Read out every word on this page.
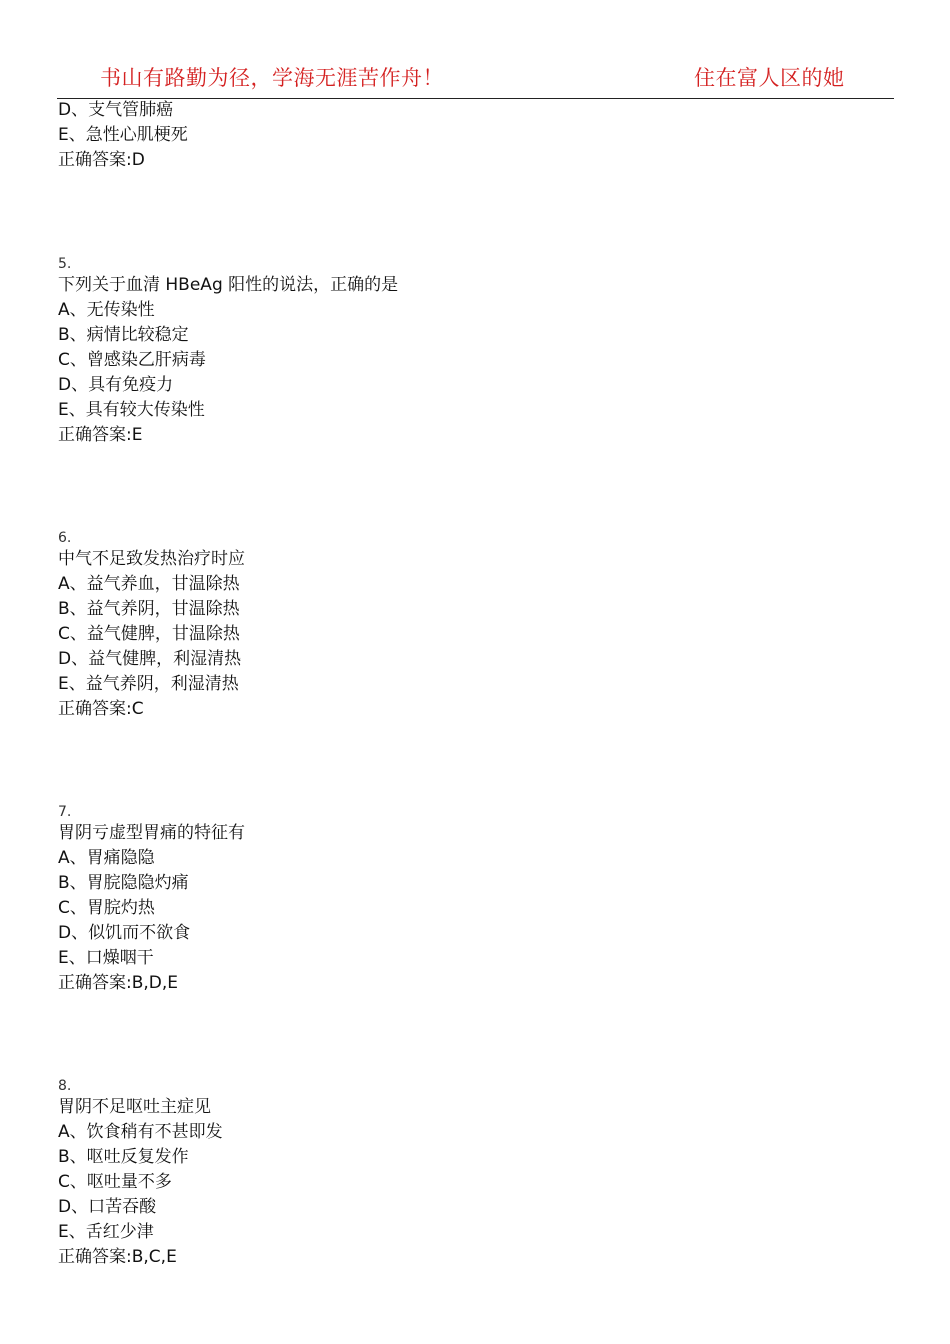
书山有路勤为径，学海无涯苦作舟！	住在富人区的她
D、支气管肺癌
E、急性心肌梗死
正确答案:D
5.
下列关于血清 HBeAg 阳性的说法，正确的是
A、无传染性
B、病情比较稳定
C、曾感染乙肝病毒
D、具有免疫力
E、具有较大传染性
正确答案:E
6.
中气不足致发热治疗时应
A、益气养血，甘温除热
B、益气养阴，甘温除热
C、益气健脾，甘温除热
D、益气健脾，利湿清热
E、益气养阴，利湿清热
正确答案:C
7.
胃阴亏虚型胃痛的特征有
A、胃痛隐隐
B、胃脘隐隐灼痛
C、胃脘灼热
D、似饥而不欲食
E、口燥咽干
正确答案:B,D,E
8.
胃阴不足呕吐主症见
A、饮食稍有不甚即发
B、呕吐反复发作
C、呕吐量不多
D、口苦吞酸
E、舌红少津
正确答案:B,C,E
